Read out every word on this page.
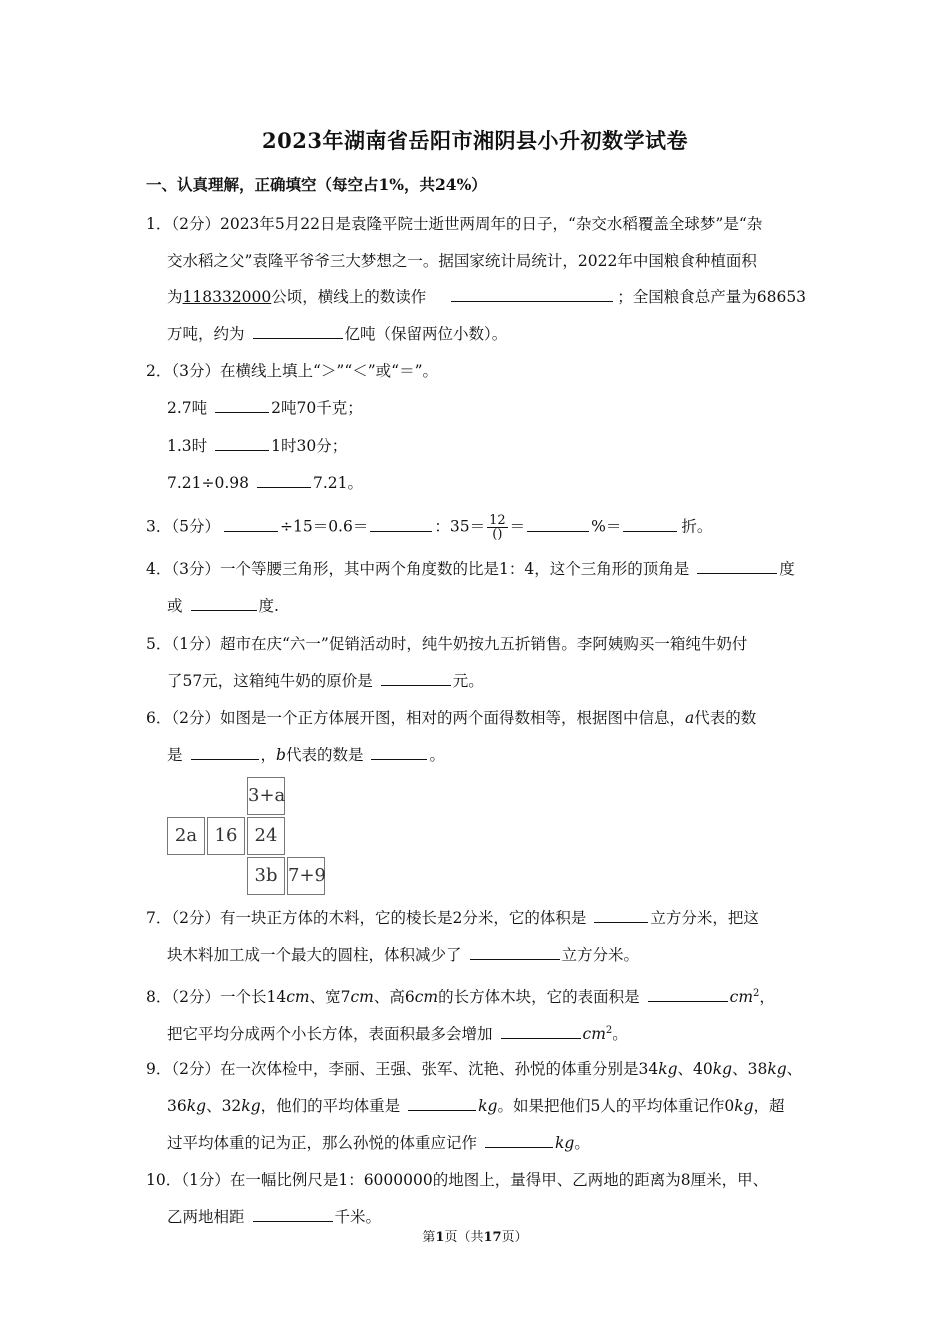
2023年湖南省岳阳市湘阴县小升初数学试卷
一、认真理解，正确填空（每空占1%，共24%）
1．（2分）2023年5月22日是袁隆平院士逝世两周年的日子，“杂交水稻覆盖全球梦”是“杂
交水稻之父”袁隆平爷爷三大梦想之一。据国家统计局统计，2022年中国粮食种植面积
为118332000公顷，横线上的数读作	；全国粮食总产量为68653
万吨，约为	亿吨（保留两位小数）。
2．（3分）在横线上填上“＞”“＜”或“＝”。
2.7吨	2吨70千克；
1.3时	1时30分；
7.21÷0.98	7.21。
3．（5分）	÷15＝0.6＝	：$35= \frac{12}{()}$ ＝	%＝	折。
4．（3分）一个等腰三角形，其中两个角度数的比是1：4，这个三角形的顶角是	度
或	度.
5．（1分）超市在庆“六一”促销活动时，纯牛奶按九五折销售。李阿姨购买一箱纯牛奶付
了57元，这箱纯牛奶的原价是	元。
6．（2分）如图是一个正方体展开图，相对的两个面得数相等，根据图中信息，a代表的数
是	，b代表的数是	。
3+a
2a 16 24
3b 7+9
7．（2分）有一块正方体的木料，它的棱长是2分米，它的体积是	立方分米，把这
块木料加工成一个最大的圆柱，体积减少了	立方分米。
8．（2分）一个长14cm、宽7cm、高6cm的长方体木块，它的表面积是	$cm^2$，
把它平均分成两个小长方体，表面积最多会增加	$cm^2$。
9．（2分）在一次体检中，李丽、王强、张军、沈艳、孙悦的体重分别是34kg、40kg、38kg、
36kg、32kg，他们的平均体重是	kg。如果把他们5人的平均体重记作0kg，超
过平均体重的记为正，那么孙悦的体重应记作	kg。
10．（1分）在一幅比例尺是1：6000000的地图上，量得甲、乙两地的距离为8厘米，甲、
乙两地相距	千米。
第1页（共17页）
